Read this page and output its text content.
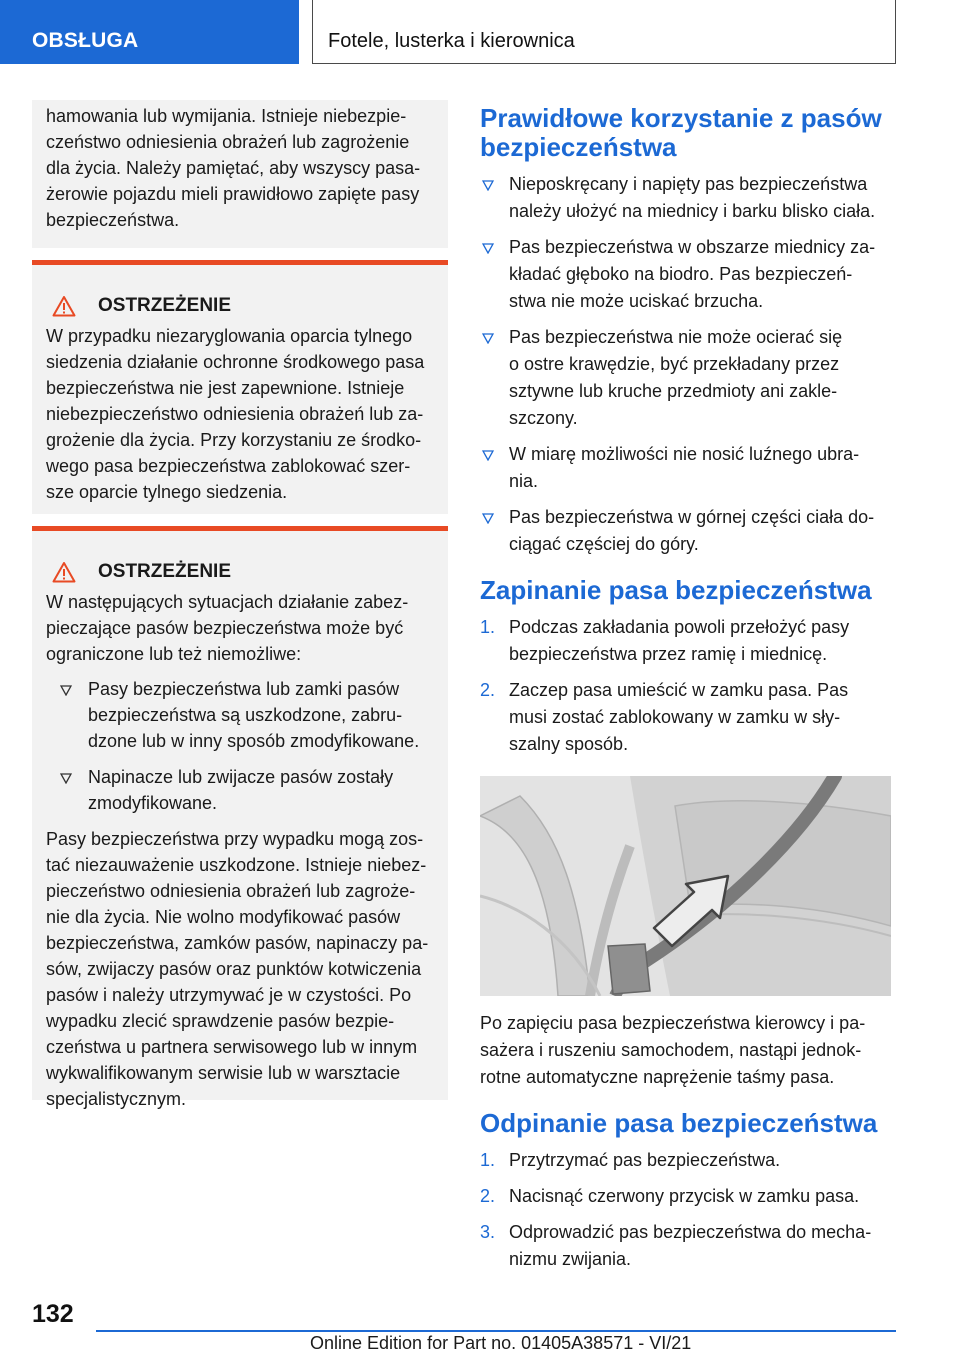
OBSŁUGA	Fotele, lusterka i kierownica
hamowania lub wymijania. Istnieje niebezpie-
czeństwo odniesienia obrażeń lub zagrożenie
dla życia. Należy pamiętać, aby wszyscy pasa-
żerowie pojazdu mieli prawidłowo zapięte pasy
bezpieczeństwa.
OSTRZEŻENIE
W przypadku niezaryglowania oparcia tylnego
siedzenia działanie ochronne środkowego pasa
bezpieczeństwa nie jest zapewnione. Istnieje
niebezpieczeństwo odniesienia obrażeń lub za-
grożenie dla życia. Przy korzystaniu ze środko-
wego pasa bezpieczeństwa zablokować szer-
sze oparcie tylnego siedzenia.
OSTRZEŻENIE
W następujących sytuacjach działanie zabez-
pieczające pasów bezpieczeństwa może być
ograniczone lub też niemożliwe:
Pasy bezpieczeństwa lub zamki pasów
bezpieczeństwa są uszkodzone, zabru-
dzone lub w inny sposób zmodyfikowane.
Napinacze lub zwijacze pasów zostały
zmodyfikowane.
Pasy bezpieczeństwa przy wypadku mogą zos-
tać niezauważenie uszkodzone. Istnieje niebez-
pieczeństwo odniesienia obrażeń lub zagroże-
nie dla życia. Nie wolno modyfikować pasów
bezpieczeństwa, zamków pasów, napinaczy pa-
sów, zwijaczy pasów oraz punktów kotwiczenia
pasów i należy utrzymywać je w czystości. Po
wypadku zlecić sprawdzenie pasów bezpie-
czeństwa u partnera serwisowego lub w innym
wykwalifikowanym serwisie lub w warsztacie
specjalistycznym.
Prawidłowe korzystanie z pasów
bezpieczeństwa
Nieposkręcany i napięty pas bezpieczeństwa
należy ułożyć na miednicy i barku blisko ciała.
Pas bezpieczeństwa w obszarze miednicy za-
kładać głęboko na biodro. Pas bezpieczeń-
stwa nie może uciskać brzucha.
Pas bezpieczeństwa nie może ocierać się
o ostre krawędzie, być przekładany przez
sztywne lub kruche przedmioty ani zakle-
szczony.
W miarę możliwości nie nosić luźnego ubra-
nia.
Pas bezpieczeństwa w górnej części ciała do-
ciągać częściej do góry.
Zapinanie pasa bezpieczeństwa
1. Podczas zakładania powoli przełożyć pasy
bezpieczeństwa przez ramię i miednicę.
2. Zaczep pasa umieścić w zamku pasa. Pas
musi zostać zablokowany w zamku w sły-
szalny sposób.
Po zapięciu pasa bezpieczeństwa kierowcy i pa-
sażera i ruszeniu samochodem, nastąpi jednok-
rotne automatyczne naprężenie taśmy pasa.
Odpinanie pasa bezpieczeństwa
1. Przytrzymać pas bezpieczeństwa.
2. Nacisnąć czerwony przycisk w zamku pasa.
3. Odprowadzić pas bezpieczeństwa do mecha-
nizmu zwijania.
132
Online Edition for Part no. 01405A38571 - VI/21
